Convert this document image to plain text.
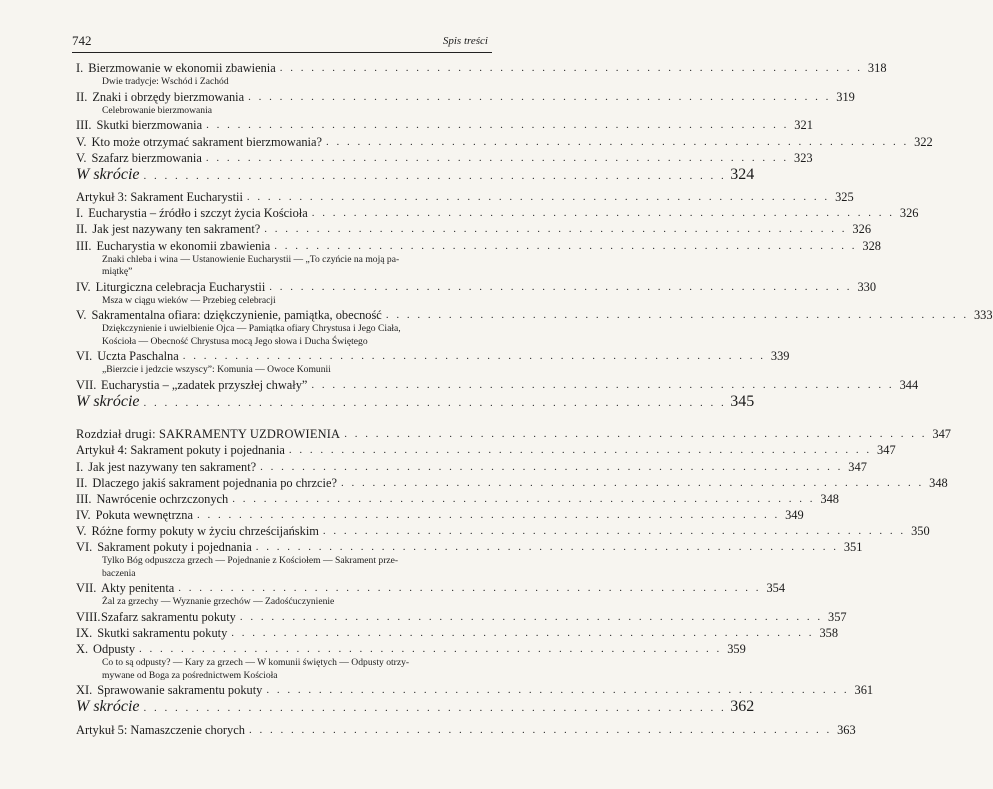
742	Spis treści
I. Bierzmowanie w ekonomii zbawienia . . .	318
Dwie tradycje: Wschód i Zachód
II. Znaki i obrzędy bierzmowania . . .	319
Celebrowanie bierzmowania
III. Skutki bierzmowania . . .	321
V. Kto może otrzymać sakrament bierzmowania? . . .	322
V. Szafarz bierzmowania . . .	323
W skrócie . . .	324
Artykuł 3: Sakrament Eucharystii . . .	325
I. Eucharystia – źródło i szczyt życia Kościoła . . .	326
II. Jak jest nazywany ten sakrament? . . .	326
III. Eucharystia w ekonomii zbawienia . . .	328
Znaki chleba i wina — Ustanowienie Eucharystii — „To czyńcie na moją pa-
miątkę”
IV. Liturgiczna celebracja Eucharystii . . .	330
Msza w ciągu wieków — Przebieg celebracji
V. Sakramentalna ofiara: dziękczynienie, pamiątka, obecność . . .	333
Dziękczynienie i uwielbienie Ojca — Pamiątka ofiary Chrystusa i Jego Ciała,
Kościoła — Obecność Chrystusa mocą Jego słowa i Ducha Świętego
VI. Uczta Paschalna . . .	339
„Bierzcie i jedzcie wszyscy”: Komunia — Owoce Komunii
VII. Eucharystia – „zadatek przyszłej chwały” . . .	344
W skrócie . . .	345
Rozdział drugi: SAKRAMENTY UZDROWIENIA . . .	347
Artykuł 4: Sakrament pokuty i pojednania . . .	347
I. Jak jest nazywany ten sakrament? . . .	347
II. Dlaczego jakiś sakrament pojednania po chrzcie? . . .	348
III. Nawrócenie ochrzczonych . . .	348
IV. Pokuta wewnętrzna . . .	349
V. Różne formy pokuty w życiu chrześcijańskim . . .	350
VI. Sakrament pokuty i pojednania . . .	351
Tylko Bóg odpuszcza grzech — Pojednanie z Kościołem — Sakrament prze-
baczenia
VII. Akty penitenta . . .	354
Żal za grzechy — Wyznanie grzechów — Zadośćuczynienie
VIII. Szafarz sakramentu pokuty . . .	357
IX. Skutki sakramentu pokuty . . .	358
X. Odpusty . . .	359
Co to są odpusty? — Kary za grzech — W komunii świętych — Odpusty otrzy-
mywane od Boga za pośrednictwem Kościoła
XI. Sprawowanie sakramentu pokuty . . .	361
W skrócie . . .	362
Artykuł 5: Namaszczenie chorych . . .	363
